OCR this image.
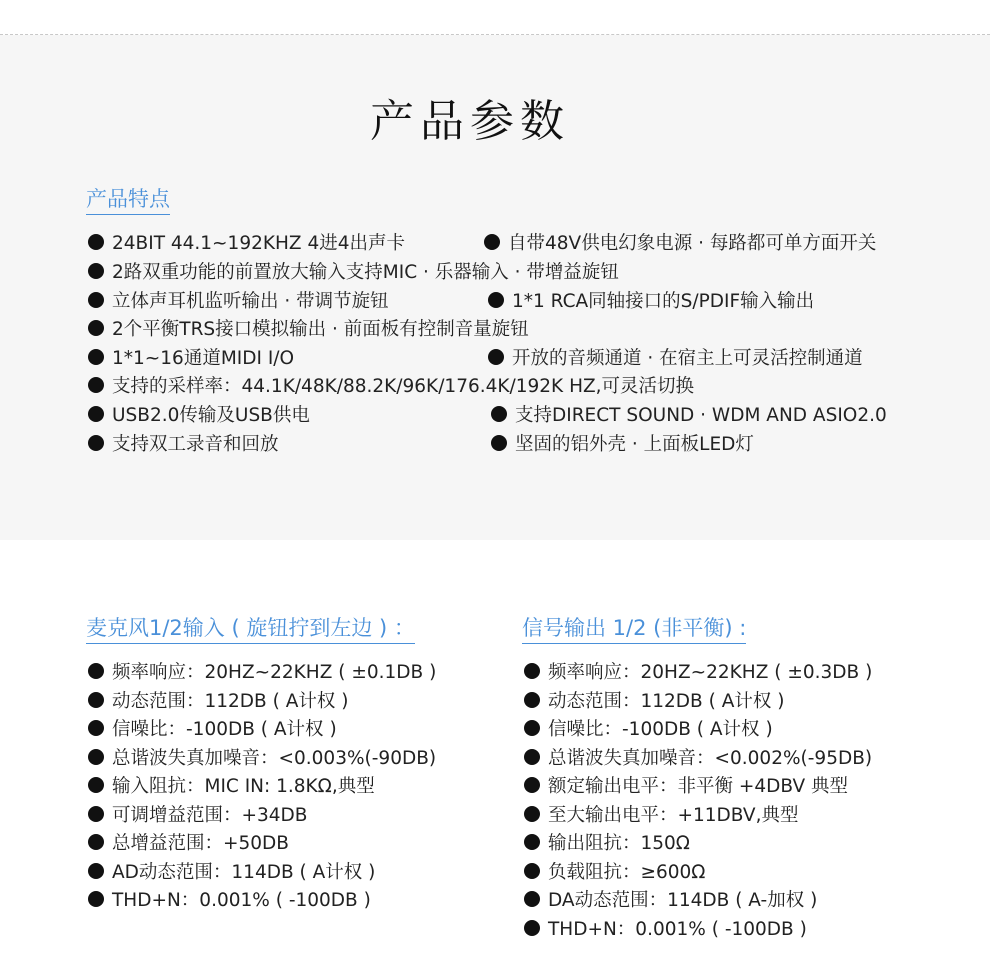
产品参数
产品特点
24BIT 44.1~192KHZ 4进4出声卡
2路双重功能的前置放大输入支持MIC · 乐器输入 · 带增益旋钮
立体声耳机监听输出 · 带调节旋钮
2个平衡TRS接口模拟输出 · 前面板有控制音量旋钮
1*1~16通道MIDI I/O
支持的采样率：44.1K/48K/88.2K/96K/176.4K/192K HZ,可灵活切换
USB2.0传输及USB供电
支持双工录音和回放
自带48V供电幻象电源 · 每路都可单方面开关
1*1 RCA同轴接口的S/PDIF输入输出
开放的音频通道 · 在宿主上可灵活控制通道
支持DIRECT SOUND · WDM AND ASIO2.0
坚固的铝外壳 · 上面板LED灯
麦克风1/2输入 ( 旋钮拧到左边 ) ：
频率响应：20HZ~22KHZ ( ±0.1DB )
动态范围：112DB ( A计权 )
信噪比：-100DB ( A计权 )
总谐波失真加噪音：<0.003%(-90DB)
输入阻抗：MIC IN: 1.8KΩ,典型
可调增益范围：+34DB
总增益范围：+50DB
AD动态范围：114DB ( A计权 )
THD+N：0.001% ( -100DB )
信号输出 1/2 (非平衡) :
频率响应：20HZ~22KHZ ( ±0.3DB )
动态范围：112DB ( A计权 )
信噪比：-100DB ( A计权 )
总谐波失真加噪音：<0.002%(-95DB)
额定输出电平：非平衡 +4DBV 典型
至大输出电平：+11DBV,典型
输出阻抗：150Ω
负载阻抗：≥600Ω
DA动态范围：114DB ( A-加权 )
THD+N：0.001% ( -100DB )
